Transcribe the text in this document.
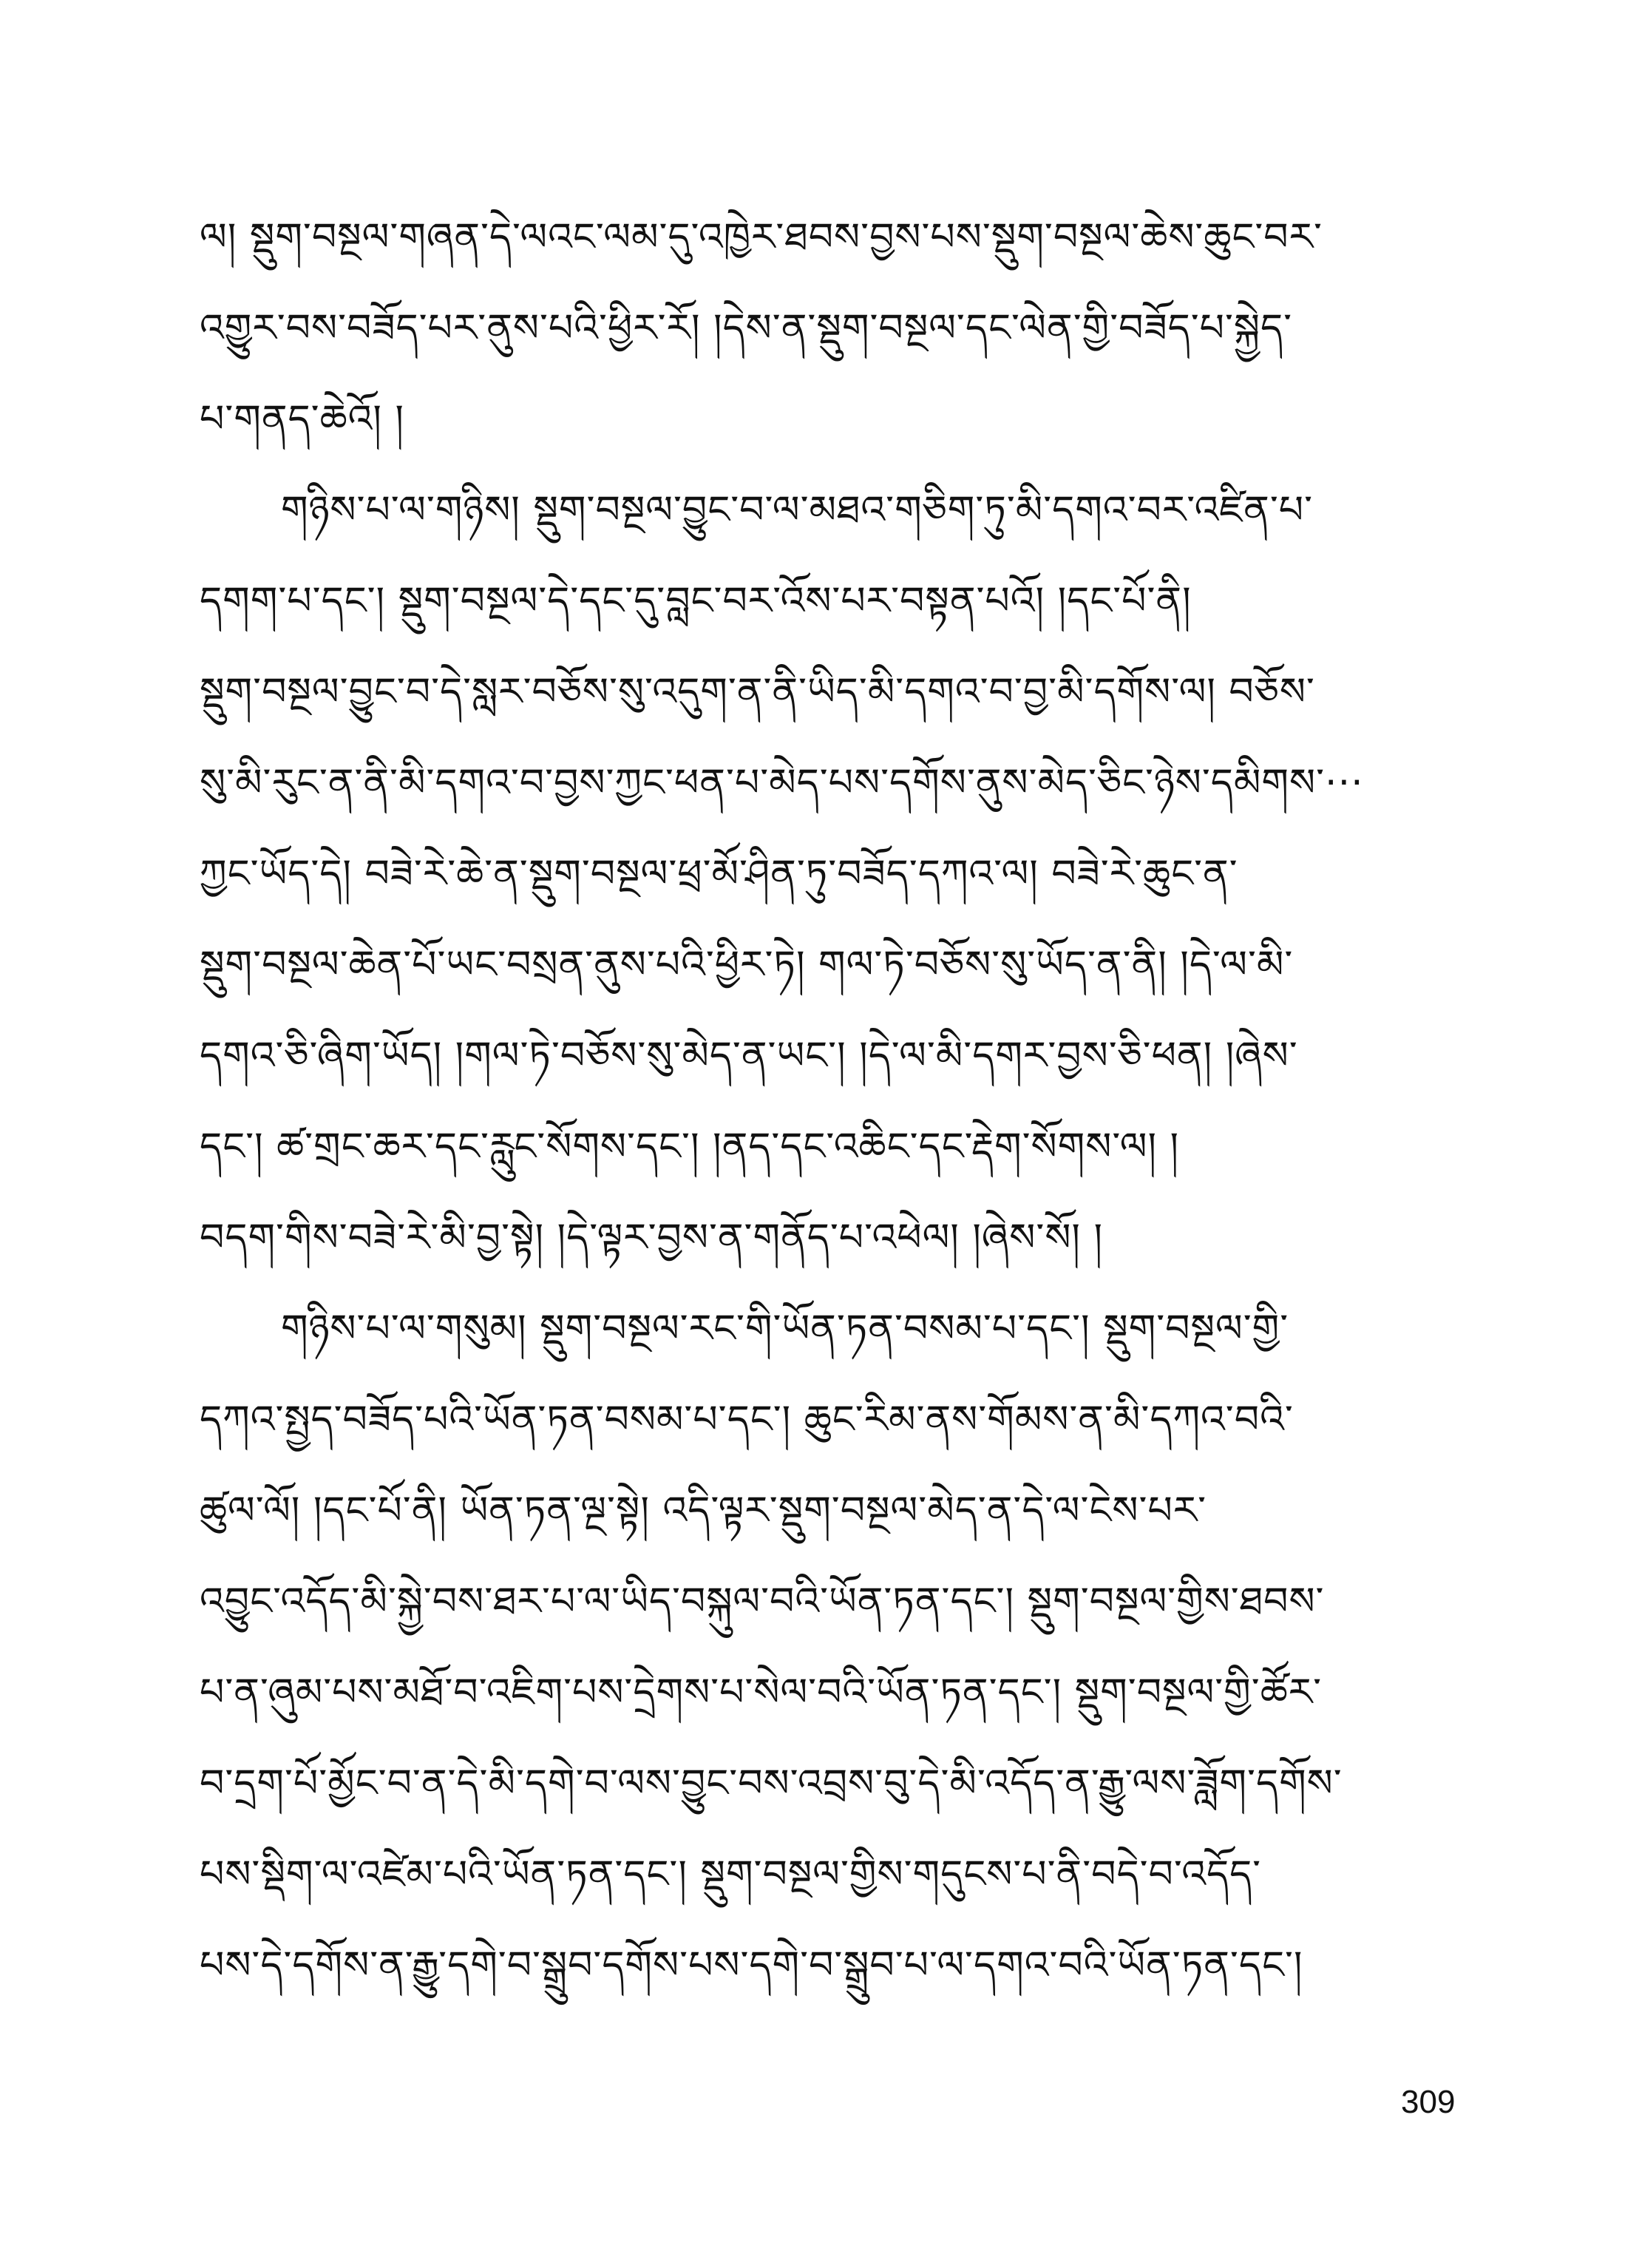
ལ། སྡུག་བསྔལ་གཞན་དེ་ལའང་ལམ་དུ་འཁྱེར་ཐབས་བྱས་པས་སྡུག་བསྔལ་ཆེས་ཆུང་བར་
འགྱུར་བས་བཟོད་པར་ནུས་པའི་ཕྱིར་རོ། །དེས་ན་སྡུག་བསྔལ་དང་ལེན་གྱི་བཟོད་པ་སྐྱེད་
པ་གནད་ཆེའོ། །
གཉིས་པ་ལ་གཉིས། སྡུག་བསྔལ་བྱུང་བ་ལ་མཐའ་གཅིག་ཏུ་མི་དགའ་བར་འཛིན་པ་
དགག་པ་དང་། སྡུག་བསྔལ་དེ་དང་དུ་བླང་བར་འོས་པར་བསྟན་པའོ། །དང་པོ་ནི།
སྡུག་བསྔལ་བྱུང་བ་དེ་སླར་བཅོས་སུ་འདུག་ན་ནི་ཡིད་མི་དགའ་བ་བྱ་མི་དགོས་ལ། བཅོས་
སུ་མི་རུང་ན་ནི་མི་དགའ་བ་བྱས་ཀྱང་ཕན་པ་མེད་པས་དགོས་ནུས་མེད་ཅིང་ཉེས་དམིགས་···
ཀྱང་ཡོད་དེ། བཟེ་རེ་ཆེ་ན་སྡུག་བསྔལ་ཕྲ་མོ་ཤིན་ཏུ་བཟོད་དཀའ་ལ། བཟེ་རེ་ཆུང་ན་
སྡུག་བསྔལ་ཆེན་པོ་ཡང་བསྲན་ནུས་པའི་ཕྱིར་ཏེ། གལ་ཏེ་བཅོས་སུ་ཡོད་ན་ནི། །དེ་ལ་མི་
དགའ་ཅི་ཞིག་ཡོད། །གལ་ཏེ་བཅོས་སུ་མེད་ན་ཡང་། །དེ་ལ་མི་དགར་བྱས་ཅི་ཕན། །ཞེས་
དང་། ཚ་གྲང་ཆར་དང་རླུང་སོགས་དང་། །ནད་དང་འཆིང་དང་རྡེག་སོགས་ལ། །
བདག་གིས་བཟེ་རེ་མི་བྱ་སྟེ། །དེ་ལྟར་བྱས་ན་གནོད་པ་འཕེལ། །ཞེས་སོ། །
གཉིས་པ་ལ་གསུམ། སྡུག་བསྔལ་རང་གི་ཡོན་ཏན་བསམ་པ་དང་། སྡུག་བསྔལ་གྱི་
དཀའ་སྤྱད་བཟོད་པའི་ཡོན་ཏན་བསམ་པ་དང་། ཆུང་རིམ་ནས་གོམས་ན་མི་དཀའ་བའི་
ཚུལ་ལོ། །དང་པོ་ནི། ཡོན་ཏན་ལྔ་སྟེ། འདི་ལྟར་སྡུག་བསྔལ་མེད་ན་དེ་ལ་ངེས་པར་
འབྱུང་འདོད་མི་སྐྱེ་བས་ཐར་པ་ལ་ཡིད་བསྐུལ་བའི་ཡོན་ཏན་དང་། སྡུག་བསྔལ་གྱིས་ཐབས་
པ་ན་ཞུམ་པས་མཐོ་བ་འཇིག་པས་དྲེགས་པ་སེལ་བའི་ཡོན་ཏན་དང་། སྡུག་བསྔལ་གྱི་ཚོར་
བ་དྲག་པོ་མྱོང་བ་ན་དེ་མི་དགེ་བ་ལས་བྱུང་བས་འབྲས་བུ་དེ་མི་འདོད་ན་རྒྱུ་ལས་ཟློག་དགོས་
པས་སྡིག་ལ་འཛེམ་པའི་ཡོན་ཏན་དང་། སྡུག་བསྔལ་གྱིས་གདུངས་པ་ནི་བདེ་བ་འདོད་
པས་དེ་དགོས་ན་རྒྱུ་དགེ་བ་སྒྲུབ་དགོས་པས་དགེ་བ་སྒྲུབ་པ་ལ་དགའ་བའི་ཡོན་ཏན་དང་།
309
